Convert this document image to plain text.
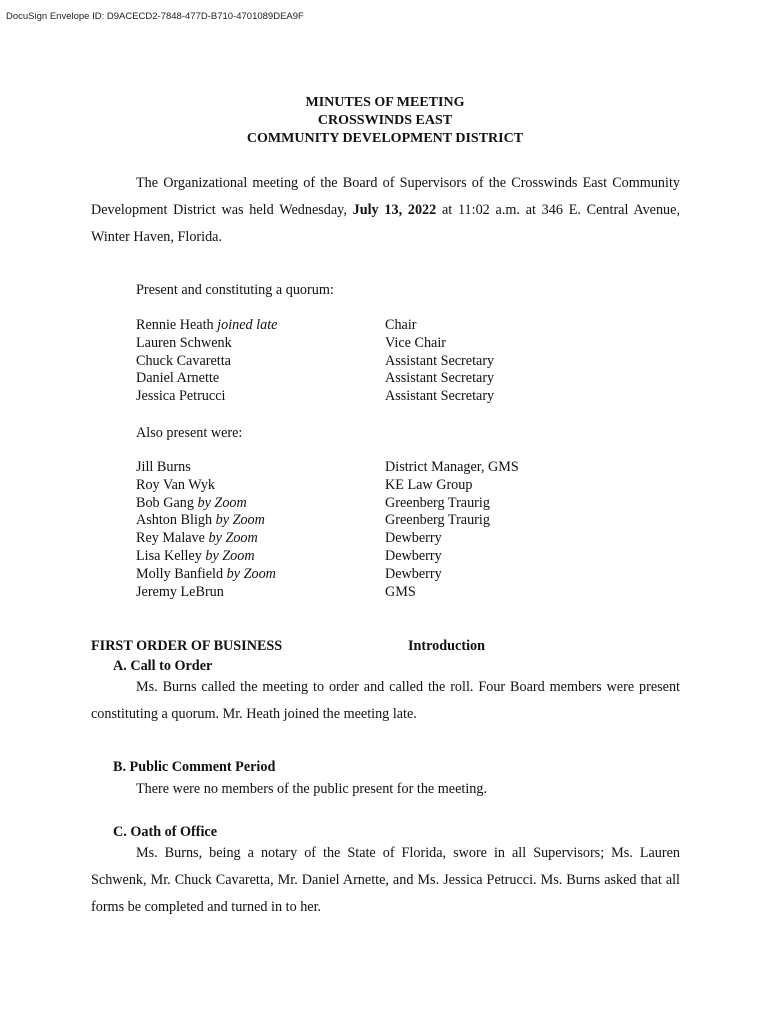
DocuSign Envelope ID: D9ACECD2-7848-477D-B710-4701089DEA9F
MINUTES OF MEETING
CROSSWINDS EAST
COMMUNITY DEVELOPMENT DISTRICT
The Organizational meeting of the Board of Supervisors of the Crosswinds East Community Development District was held Wednesday, July 13, 2022 at 11:02 a.m. at 346 E. Central Avenue, Winter Haven, Florida.
Present and constituting a quorum:
Rennie Heath joined late	Chair
Lauren Schwenk	Vice Chair
Chuck Cavaretta	Assistant Secretary
Daniel Arnette	Assistant Secretary
Jessica Petrucci	Assistant Secretary
Also present were:
Jill Burns	District Manager, GMS
Roy Van Wyk	KE Law Group
Bob Gang by Zoom	Greenberg Traurig
Ashton Bligh by Zoom	Greenberg Traurig
Rey Malave by Zoom	Dewberry
Lisa Kelley by Zoom	Dewberry
Molly Banfield by Zoom	Dewberry
Jeremy LeBrun	GMS
FIRST ORDER OF BUSINESS	Introduction
A. Call to Order
Ms. Burns called the meeting to order and called the roll. Four Board members were present constituting a quorum. Mr. Heath joined the meeting late.
B. Public Comment Period
There were no members of the public present for the meeting.
C. Oath of Office
Ms. Burns, being a notary of the State of Florida, swore in all Supervisors; Ms. Lauren Schwenk, Mr. Chuck Cavaretta, Mr. Daniel Arnette, and Ms. Jessica Petrucci. Ms. Burns asked that all forms be completed and turned in to her.
